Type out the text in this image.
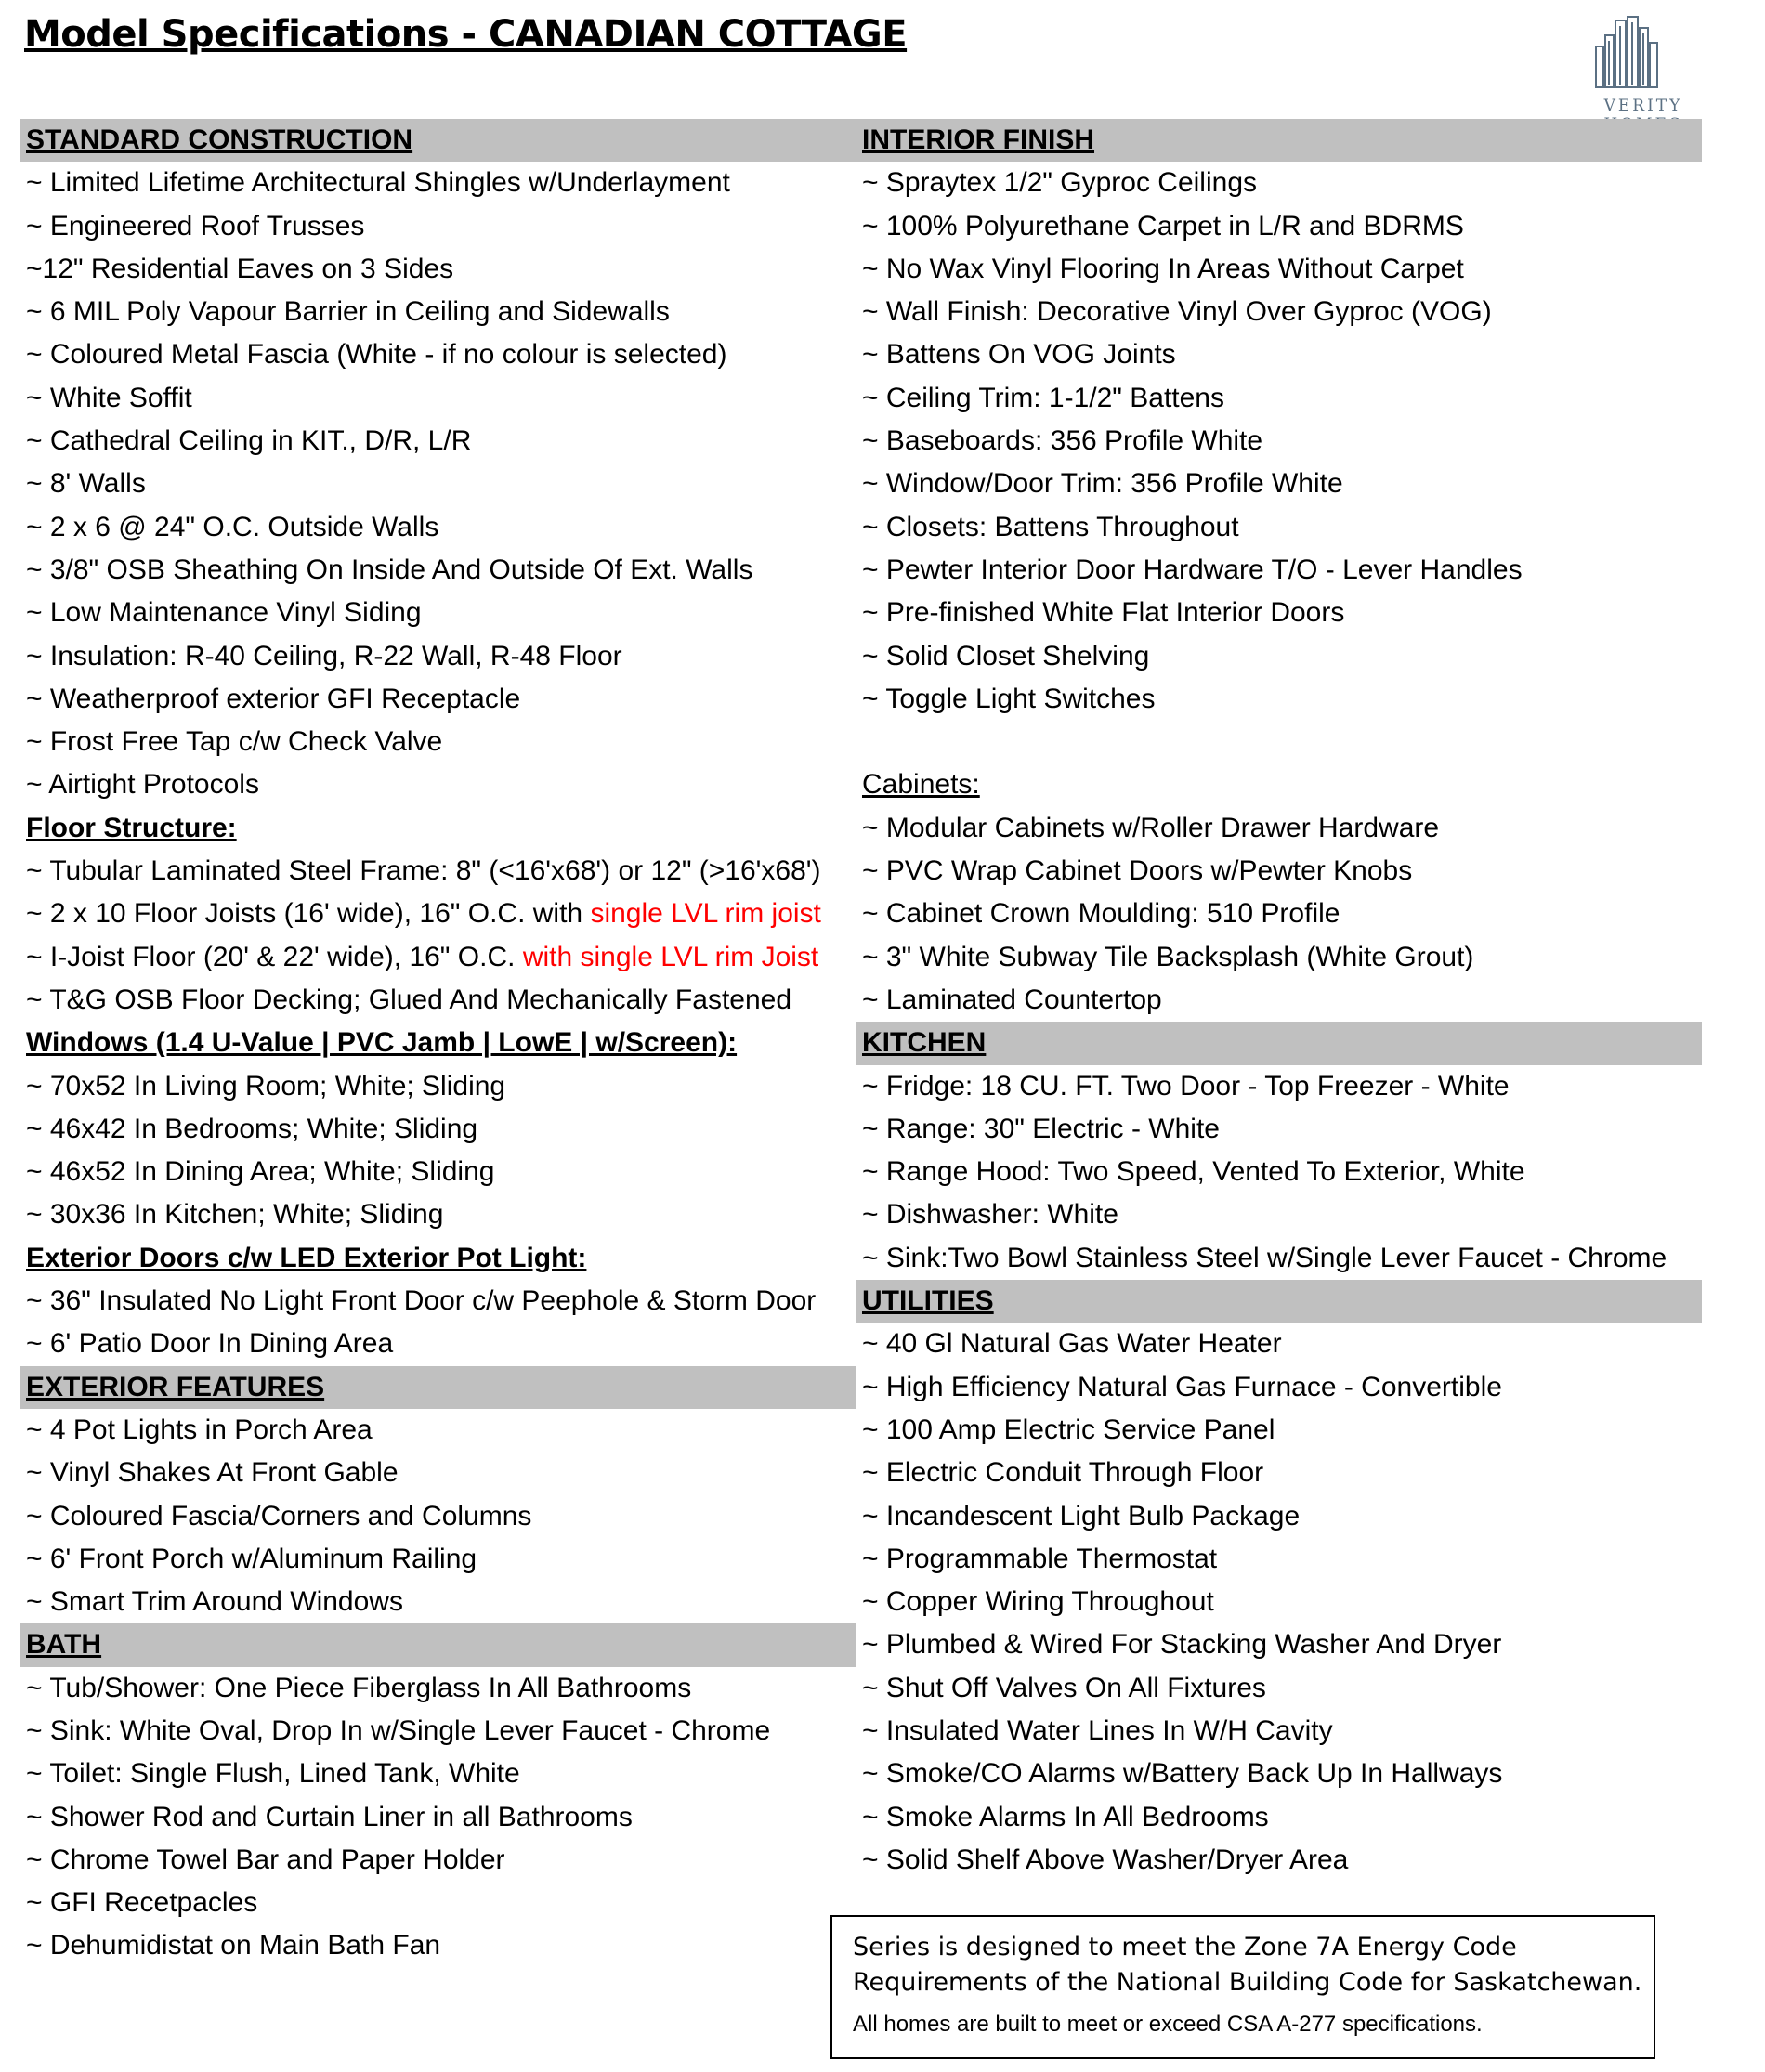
Model Specifications - CANADIAN COTTAGE
VERITY
STANDARD CONSTRUCTION
~ Limited Lifetime Architectural Shingles w/Underlayment
~ Engineered Roof Trusses
~12" Residential Eaves on 3 Sides
~ 6 MIL Poly Vapour Barrier in Ceiling and Sidewalls
~ Coloured Metal Fascia (White - if no colour is selected)
~ White Soffit
~ Cathedral Ceiling in KIT., D/R, L/R
~ 8' Walls
~ 2 x 6 @ 24" O.C. Outside Walls
~ 3/8" OSB Sheathing On Inside And Outside Of Ext. Walls
~ Low Maintenance Vinyl Siding
~ Insulation: R-40 Ceiling, R-22 Wall, R-48 Floor
~ Weatherproof exterior GFI Receptacle
~ Frost Free Tap c/w Check Valve
~ Airtight Protocols
Floor Structure:
~ Tubular Laminated Steel Frame: 8" (<16'x68') or 12" (>16'x68')
~ 2 x 10 Floor Joists (16' wide), 16" O.C. with single LVL rim joist
~ I-Joist Floor (20' & 22' wide), 16" O.C. with single LVL rim Joist
~ T&G OSB Floor Decking; Glued And Mechanically Fastened
Windows (1.4 U-Value | PVC Jamb | LowE | w/Screen):
~ 70x52 In Living Room; White; Sliding
~ 46x42 In Bedrooms; White; Sliding
~ 46x52 In Dining Area; White; Sliding
~ 30x36 In Kitchen; White; Sliding
Exterior Doors c/w LED Exterior Pot Light:
~ 36" Insulated No Light Front Door c/w Peephole & Storm Door
~ 6' Patio Door In Dining Area
EXTERIOR FEATURES
~ 4 Pot Lights in Porch Area
~ Vinyl Shakes At Front Gable
~ Coloured Fascia/Corners and Columns
~ 6' Front Porch w/Aluminum Railing
~ Smart Trim Around Windows
BATH
~ Tub/Shower: One Piece Fiberglass In All Bathrooms
~ Sink: White Oval, Drop In w/Single Lever Faucet - Chrome
~ Toilet: Single Flush, Lined Tank, White
~ Shower Rod and Curtain Liner in all Bathrooms
~ Chrome Towel Bar and Paper Holder
~ GFI Recetpacles
~ Dehumidistat on Main Bath Fan
INTERIOR FINISH
~ Spraytex 1/2" Gyproc Ceilings
~ 100% Polyurethane Carpet in L/R and BDRMS
~ No Wax Vinyl Flooring In Areas Without Carpet
~ Wall Finish: Decorative Vinyl Over Gyproc (VOG)
~ Battens On VOG Joints
~ Ceiling Trim: 1-1/2" Battens
~ Baseboards: 356 Profile White
~ Window/Door Trim: 356 Profile White
~ Closets: Battens Throughout
~ Pewter Interior Door Hardware T/O - Lever Handles
~ Pre-finished White Flat Interior Doors
~ Solid Closet Shelving
~ Toggle Light Switches
Cabinets:
~ Modular Cabinets w/Roller Drawer Hardware
~ PVC Wrap Cabinet Doors w/Pewter Knobs
~ Cabinet Crown Moulding: 510 Profile
~ 3" White Subway Tile Backsplash (White Grout)
~ Laminated Countertop
KITCHEN
~ Fridge: 18 CU. FT. Two Door - Top Freezer - White
~ Range: 30" Electric - White
~ Range Hood: Two Speed, Vented To Exterior, White
~ Dishwasher: White
~ Sink:Two Bowl Stainless Steel w/Single Lever Faucet - Chrome
UTILITIES
~ 40 Gl Natural Gas Water Heater
~ High Efficiency Natural Gas Furnace - Convertible
~ 100 Amp Electric Service Panel
~ Electric Conduit Through Floor
~ Incandescent Light Bulb Package
~ Programmable Thermostat
~ Copper Wiring Throughout
~ Plumbed & Wired For Stacking Washer And Dryer
~ Shut Off Valves On All Fixtures
~ Insulated Water Lines In W/H Cavity
~ Smoke/CO Alarms w/Battery Back Up In Hallways
~ Smoke Alarms In All Bedrooms
~ Solid Shelf Above Washer/Dryer Area
Series is designed to meet the Zone 7A Energy Code
Requirements of the National Building Code for Saskatchewan.
All homes are built to meet or exceed CSA A-277 specifications.
